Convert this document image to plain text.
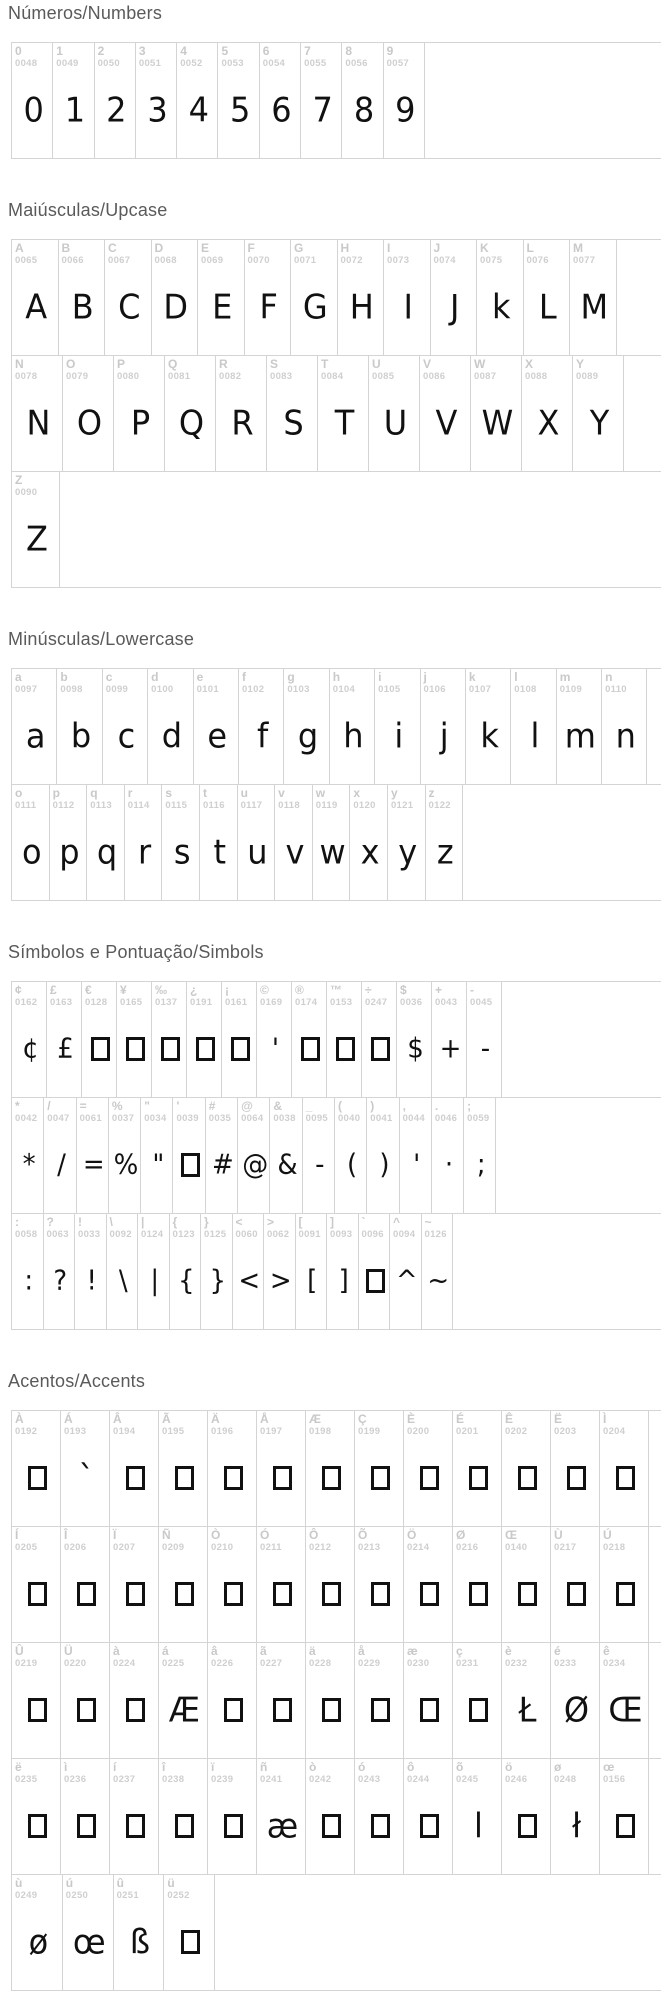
Números/Numbers
0
0048
0
1
0049
1
2
0050
2
3
0051
3
4
0052
4
5
0053
5
6
0054
6
7
0055
7
8
0056
8
9
0057
9
Maiúsculas/Upcase
A
0065
A
B
0066
B
C
0067
C
D
0068
D
E
0069
E
F
0070
F
G
0071
G
H
0072
H
I
0073
I
J
0074
J
K
0075
k
L
0076
L
M
0077
M
N
0078
N
O
0079
O
P
0080
P
Q
0081
Q
R
0082
R
S
0083
S
T
0084
T
U
0085
U
V
0086
V
W
0087
W
X
0088
X
Y
0089
Y
Z
0090
Z
Minúsculas/Lowercase
a
0097
a
b
0098
b
c
0099
c
d
0100
d
e
0101
e
f
0102
f
g
0103
g
h
0104
h
i
0105
i
j
0106
j
k
0107
k
l
0108
l
m
0109
m
n
0110
n
o
0111
o
p
0112
p
q
0113
q
r
0114
r
s
0115
s
t
0116
t
u
0117
u
v
0118
v
w
0119
w
x
0120
x
y
0121
y
z
0122
z
Símbolos e Pontuação/Simbols
¢
0162
¢
£
0163
£
€
0128
¥
0165
‰
0137
¿
0191
¡
0161
©
0169
'
®
0174
™
0153
÷
0247
$
0036
$
+
0043
+
-
0045
-
*
0042
*
/
0047
/
=
0061
=
%
0037
%
"
0034
"
'
0039
#
0035
#
@
0064
@
&
0038
&
_
0095
-
(
0040
(
)
0041
)
,
0044
'
.
0046
·
;
0059
;
:
0058
:
?
0063
?
!
0033
!
\
0092
\
|
0124
|
{
0123
{
}
0125
}
<
0060
<
>
0062
>
[
0091
[
]
0093
]
`
0096
^
0094
^
~
0126
~
Acentos/Accents
À
0192
Á
0193
`
Â
0194
Ã
0195
Ä
0196
Å
0197
Æ
0198
Ç
0199
È
0200
É
0201
Ê
0202
Ë
0203
Ì
0204
Í
0205
Î
0206
Ï
0207
Ñ
0209
Ò
0210
Ó
0211
Ô
0212
Õ
0213
Ö
0214
Ø
0216
Œ
0140
Ù
0217
Ú
0218
Û
0219
Ü
0220
à
0224
á
0225
Æ
â
0226
ã
0227
ä
0228
å
0229
æ
0230
ç
0231
è
0232
Ł
é
0233
Ø
ê
0234
Œ
ë
0235
ì
0236
í
0237
î
0238
ï
0239
ñ
0241
æ
ò
0242
ó
0243
ô
0244
õ
0245
l
ö
0246
ø
0248
ł
œ
0156
ù
0249
ø
ú
0250
œ
û
0251
ß
ü
0252
